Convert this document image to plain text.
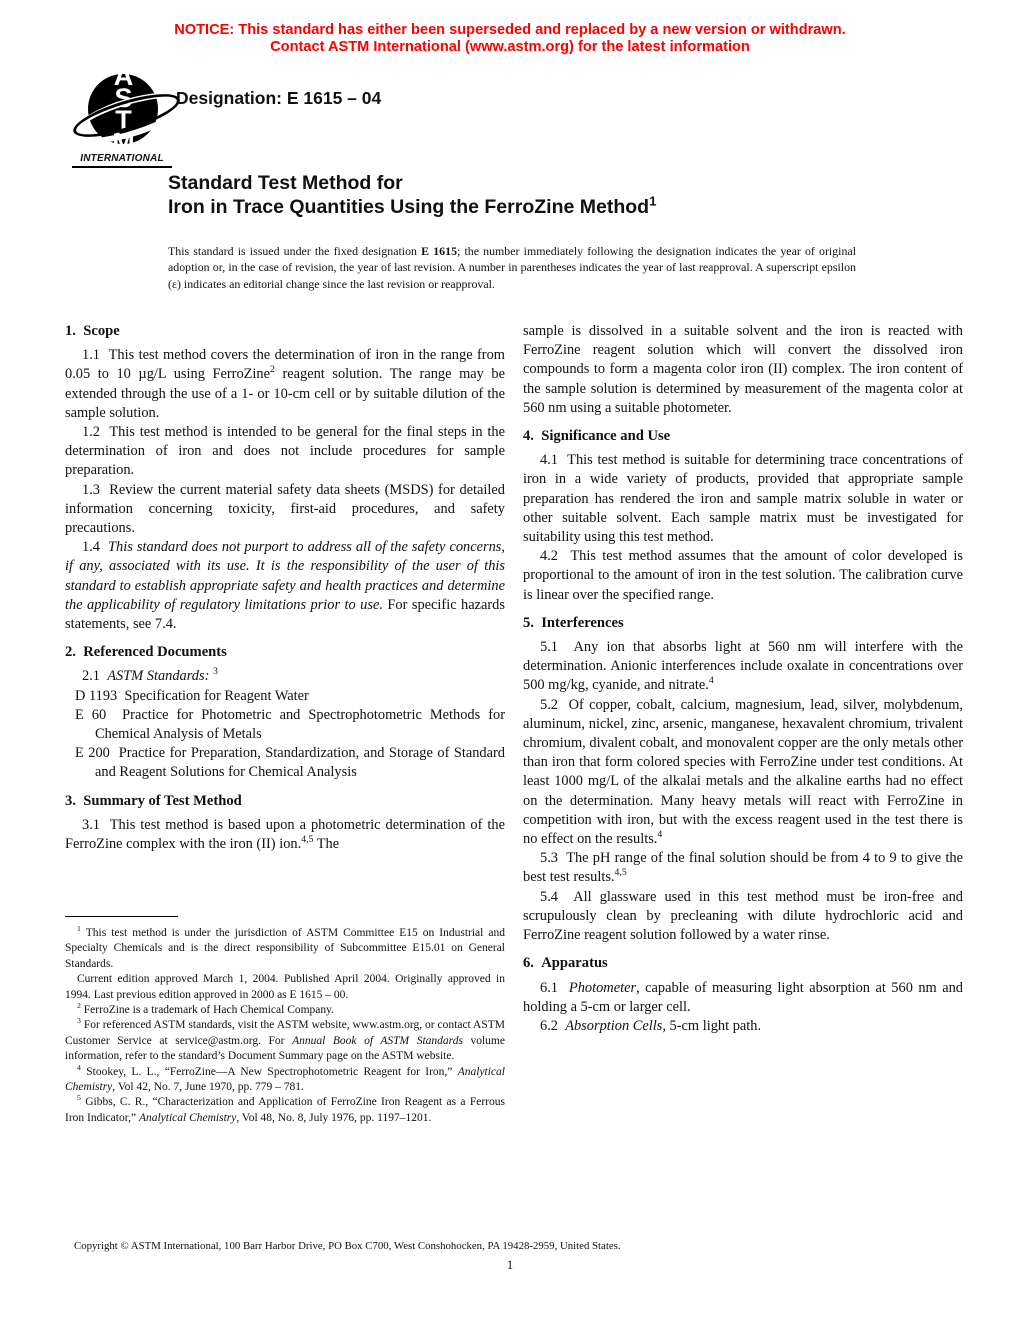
NOTICE: This standard has either been superseded and replaced by a new version or withdrawn.
Contact ASTM International (www.astm.org) for the latest information
ASTM
INTERNATIONAL
Designation: E 1615 – 04
Standard Test Method for
Iron in Trace Quantities Using the FerroZine Method$^1$

This standard is issued under the fixed designation E 1615; the number immediately following the designation indicates the year of original adoption or, in the case of revision, the year of last revision. A number in parentheses indicates the year of last reapproval. A superscript epsilon (ε) indicates an editorial change since the last revision or reapproval.

1.  Scope

1.1  This test method covers the determination of iron in the range from 0.05 to 10 µg/L using FerroZine$^2$ reagent solution. The range may be extended through the use of a 1- or 10-cm cell or by suitable dilution of the sample solution.

1.2  This test method is intended to be general for the final steps in the determination of iron and does not include procedures for sample preparation.

1.3  Review the current material safety data sheets (MSDS) for detailed information concerning toxicity, first-aid procedures, and safety precautions.

1.4  This standard does not purport to address all of the safety concerns, if any, associated with its use. It is the responsibility of the user of this standard to establish appropriate safety and health practices and determine the applicability of regulatory limitations prior to use. For specific hazards statements, see 7.4.

2.  Referenced Documents

2.1  ASTM Standards: $^3$

D 1193  Specification for Reagent Water

E 60  Practice for Photometric and Spectrophotometric Methods for Chemical Analysis of Metals

E 200  Practice for Preparation, Standardization, and Storage of Standard and Reagent Solutions for Chemical Analysis

3.  Summary of Test Method

3.1  This test method is based upon a photometric determination of the FerroZine complex with the iron (II) ion.$^{4,5}$ The

sample is dissolved in a suitable solvent and the iron is reacted with FerroZine reagent solution which will convert the dissolved iron compounds to form a magenta color iron (II) complex. The iron content of the sample solution is determined by measurement of the magenta color at 560 nm using a suitable photometer.

4.  Significance and Use

4.1  This test method is suitable for determining trace concentrations of iron in a wide variety of products, provided that appropriate sample preparation has rendered the iron and sample matrix soluble in water or other suitable solvent. Each sample matrix must be investigated for suitability using this test method.

4.2  This test method assumes that the amount of color developed is proportional to the amount of iron in the test solution. The calibration curve is linear over the specified range.

5.  Interferences

5.1  Any ion that absorbs light at 560 nm will interfere with the determination. Anionic interferences include oxalate in concentrations over 500 mg/kg, cyanide, and nitrate.$^4$

5.2  Of copper, cobalt, calcium, magnesium, lead, silver, molybdenum, aluminum, nickel, zinc, arsenic, manganese, hexavalent chromium, trivalent chromium, divalent cobalt, and monovalent copper are the only metals other than iron that form colored species with FerroZine under test conditions. At least 1000 mg/L of the alkalai metals and the alkaline earths had no effect on the determination. Many heavy metals will react with FerroZine in competition with iron, but with the excess reagent used in the test there is no effect on the results.$^4$

5.3  The pH range of the final solution should be from 4 to 9 to give the best test results.$^{4,5}$

5.4  All glassware used in this test method must be iron-free and scrupulously clean by precleaning with dilute hydrochloric acid and FerroZine reagent solution followed by a water rinse.

6.  Apparatus

6.1  Photometer, capable of measuring light absorption at 560 nm and holding a 5-cm or larger cell.

6.2  Absorption Cells, 5-cm light path.

$^1$ This test method is under the jurisdiction of ASTM Committee E15 on Industrial and Specialty Chemicals and is the direct responsibility of Subcommittee E15.01 on General Standards.

Current edition approved March 1, 2004. Published April 2004. Originally approved in 1994. Last previous edition approved in 2000 as E 1615 – 00.

$^2$ FerroZine is a trademark of Hach Chemical Company.

$^3$ For referenced ASTM standards, visit the ASTM website, www.astm.org, or contact ASTM Customer Service at service@astm.org. For Annual Book of ASTM Standards volume information, refer to the standard’s Document Summary page on the ASTM website.

$^4$ Stookey, L. L., “FerroZine—A New Spectrophotometric Reagent for Iron,” Analytical Chemistry, Vol 42, No. 7, June 1970, pp. 779 – 781.

$^5$ Gibbs, C. R., “Characterization and Application of FerroZine Iron Reagent as a Ferrous Iron Indicator,” Analytical Chemistry, Vol 48, No. 8, July 1976, pp. 1197–1201.

Copyright © ASTM International, 100 Barr Harbor Drive, PO Box C700, West Conshohocken, PA 19428-2959, United States.
1
